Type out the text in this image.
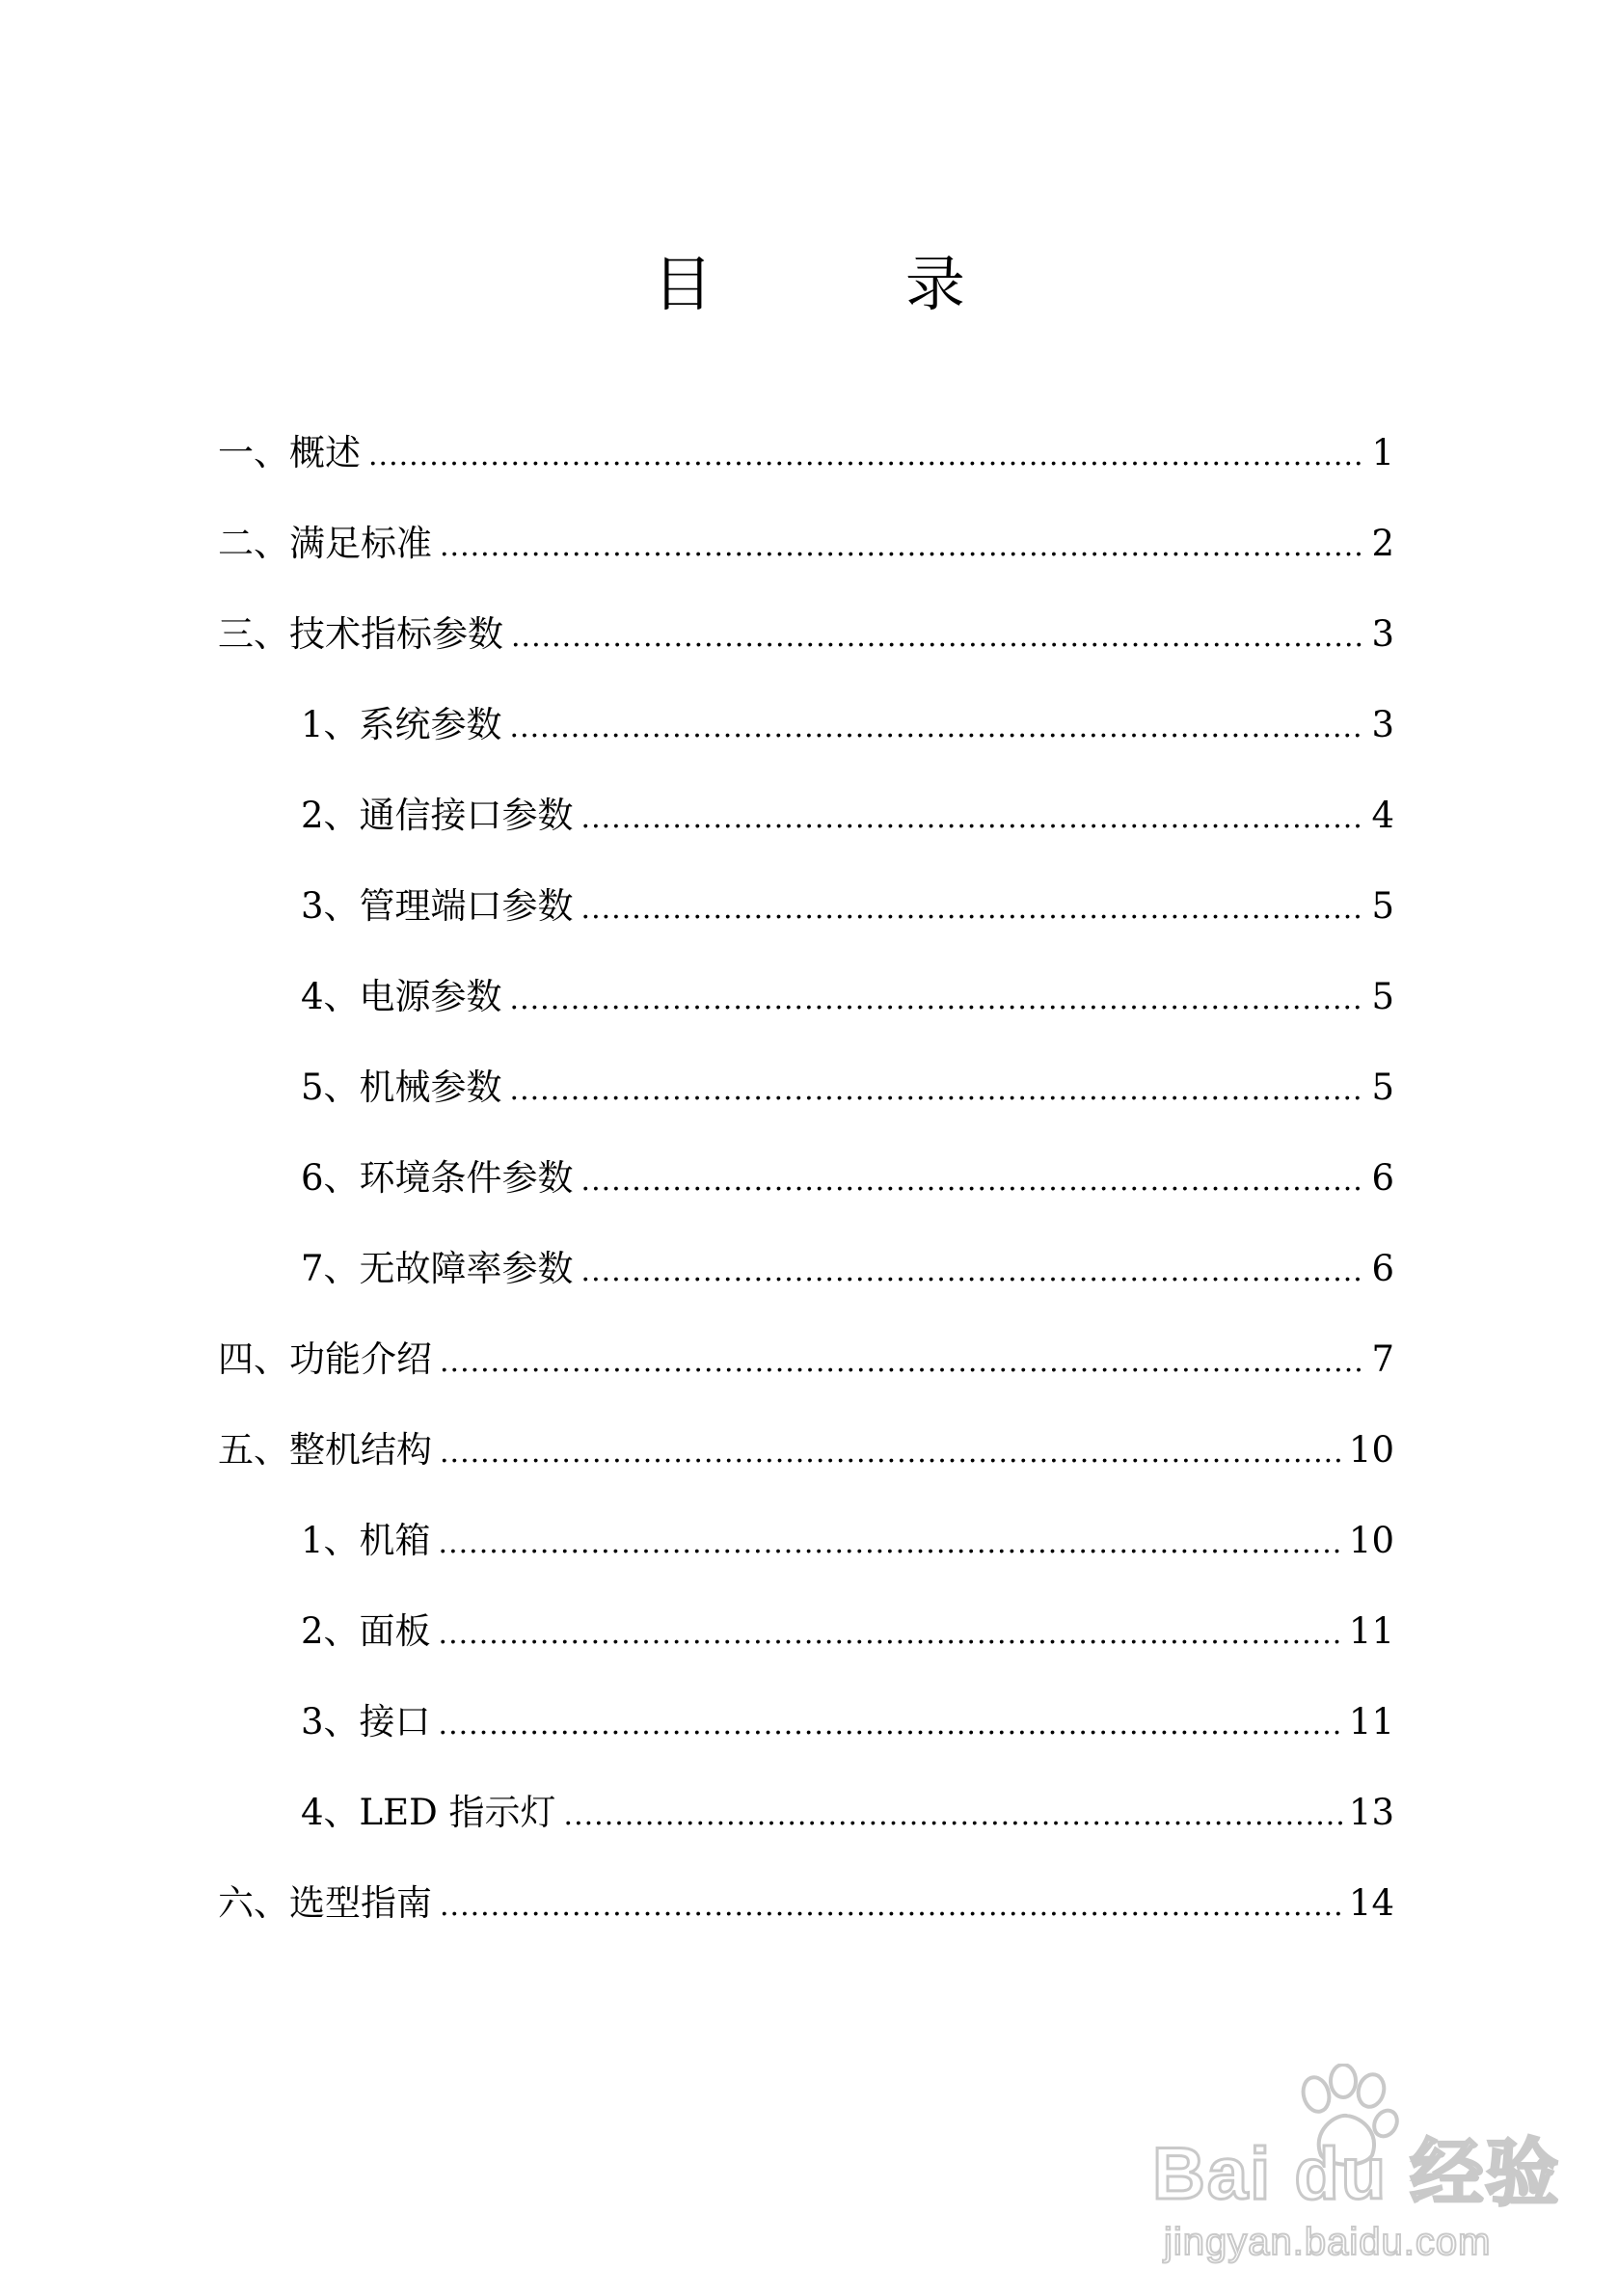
目 录
一、概述 .....	1
二、满足标准 .....	2
三、技术指标参数 .....	3
1、系统参数 .....	3
2、通信接口参数 .....	4
3、管理端口参数 .....	5
4、电源参数 .....	5
5、机械参数 .....	5
6、环境条件参数 .....	6
7、无故障率参数 .....	6
四、功能介绍 .....	7
五、整机结构 .....	10
1、机箱 .....	10
2、面板 .....	11
3、接口 .....	11
4、LED 指示灯 .....	13
六、选型指南 .....	14
Bai du 经验
jingyan.baidu.com
